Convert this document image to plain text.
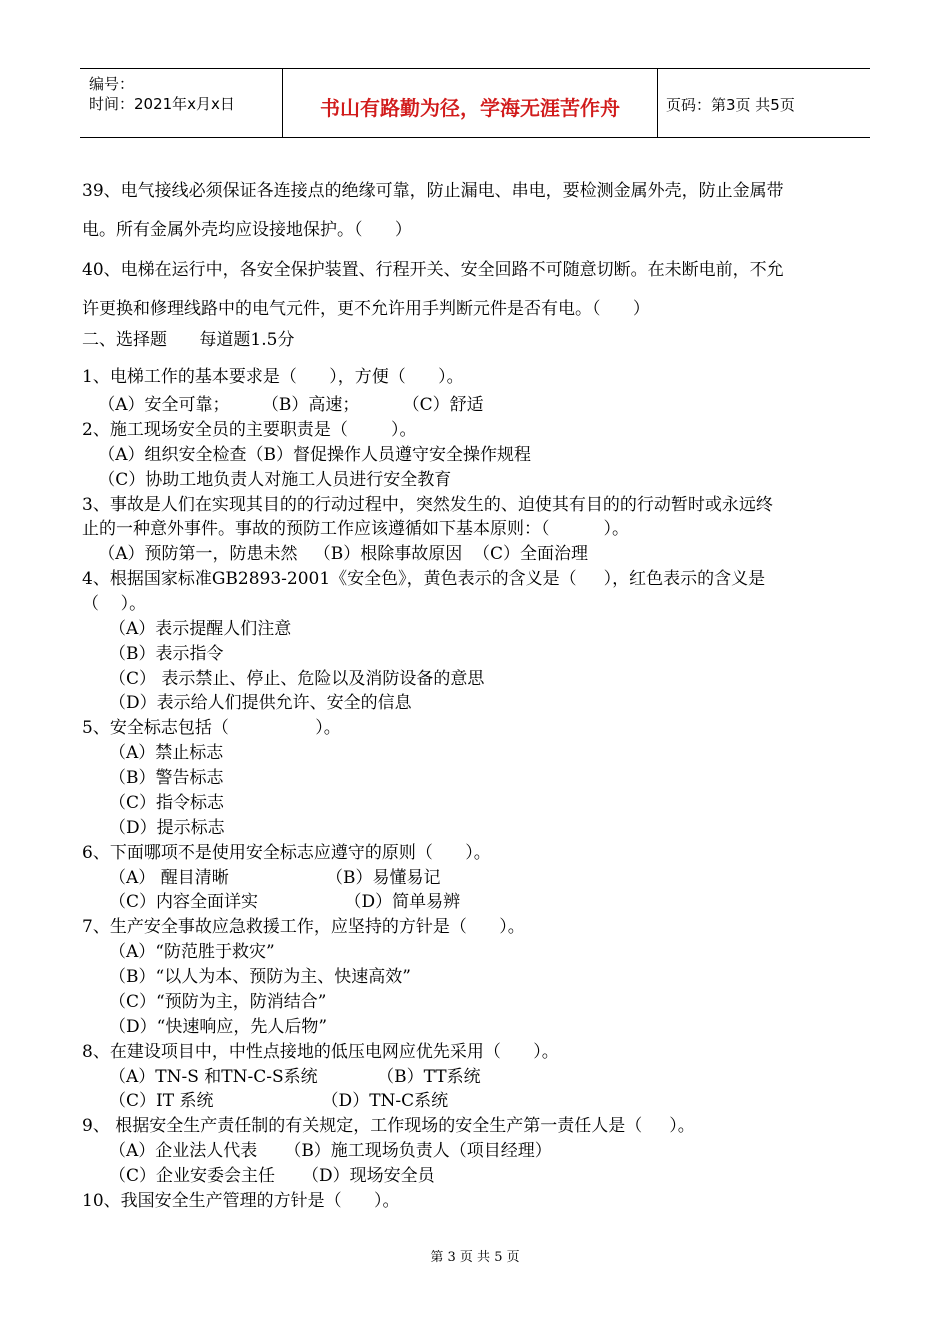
编号：
时间：2021年x月x日	书山有路勤为径，学海无涯苦作舟	页码：第3页 共5页
39、电气接线必须保证各连接点的绝缘可靠，防止漏电、串电，要检测金属外壳，防止金属带
电。所有金属外壳均应设接地保护。（      ）
40、电梯在运行中，各安全保护装置、行程开关、安全回路不可随意切断。在未断电前，不允
许更换和修理线路中的电气元件，更不允许用手判断元件是否有电。（      ）
二、选择题      每道题1.5分
1、电梯工作的基本要求是（      ），方便（      ）。
（A）安全可靠；      （B）高速；        （C）舒适
2、施工现场安全员的主要职责是（        ）。
（A）组织安全检查（B）督促操作人员遵守安全操作规程
（C）协助工地负责人对施工人员进行安全教育
3、事故是人们在实现其目的的行动过程中，突然发生的、迫使其有目的的行动暂时或永远终
止的一种意外事件。事故的预防工作应该遵循如下基本原则：（          ）。
（A）预防第一，防患未然   （B）根除事故原因  （C）全面治理
4、根据国家标准GB2893-2001《安全色》，黄色表示的含义是（     ），红色表示的含义是
（    ）。
（A）表示提醒人们注意
（B）表示指令
（C） 表示禁止、停止、危险以及消防设备的意思
（D）表示给人们提供允许、安全的信息
5、安全标志包括（                ）。
（A）禁止标志
（B）警告标志
（C）指令标志
（D）提示标志
6、下面哪项不是使用安全标志应遵守的原则（      ）。
（A） 醒目清晰                  （B）易懂易记
（C）内容全面详实                （D）简单易辨
7、生产安全事故应急救援工作，应坚持的方针是（      ）。
（A）“防范胜于救灾”
（B）“以人为本、预防为主、快速高效”
（C）“预防为主，防消结合”
（D）“快速响应，先人后物”
8、在建设项目中，中性点接地的低压电网应优先采用（      ）。
（A）TN-S 和TN-C-S系统           （B）TT系统
（C）IT 系统                    （D）TN-C系统
9、 根据安全生产责任制的有关规定，工作现场的安全生产第一责任人是（     ）。
（A）企业法人代表     （B）施工现场负责人（项目经理）
（C）企业安委会主任     （D）现场安全员
10、我国安全生产管理的方针是（      ）。
第 3 页 共 5 页
